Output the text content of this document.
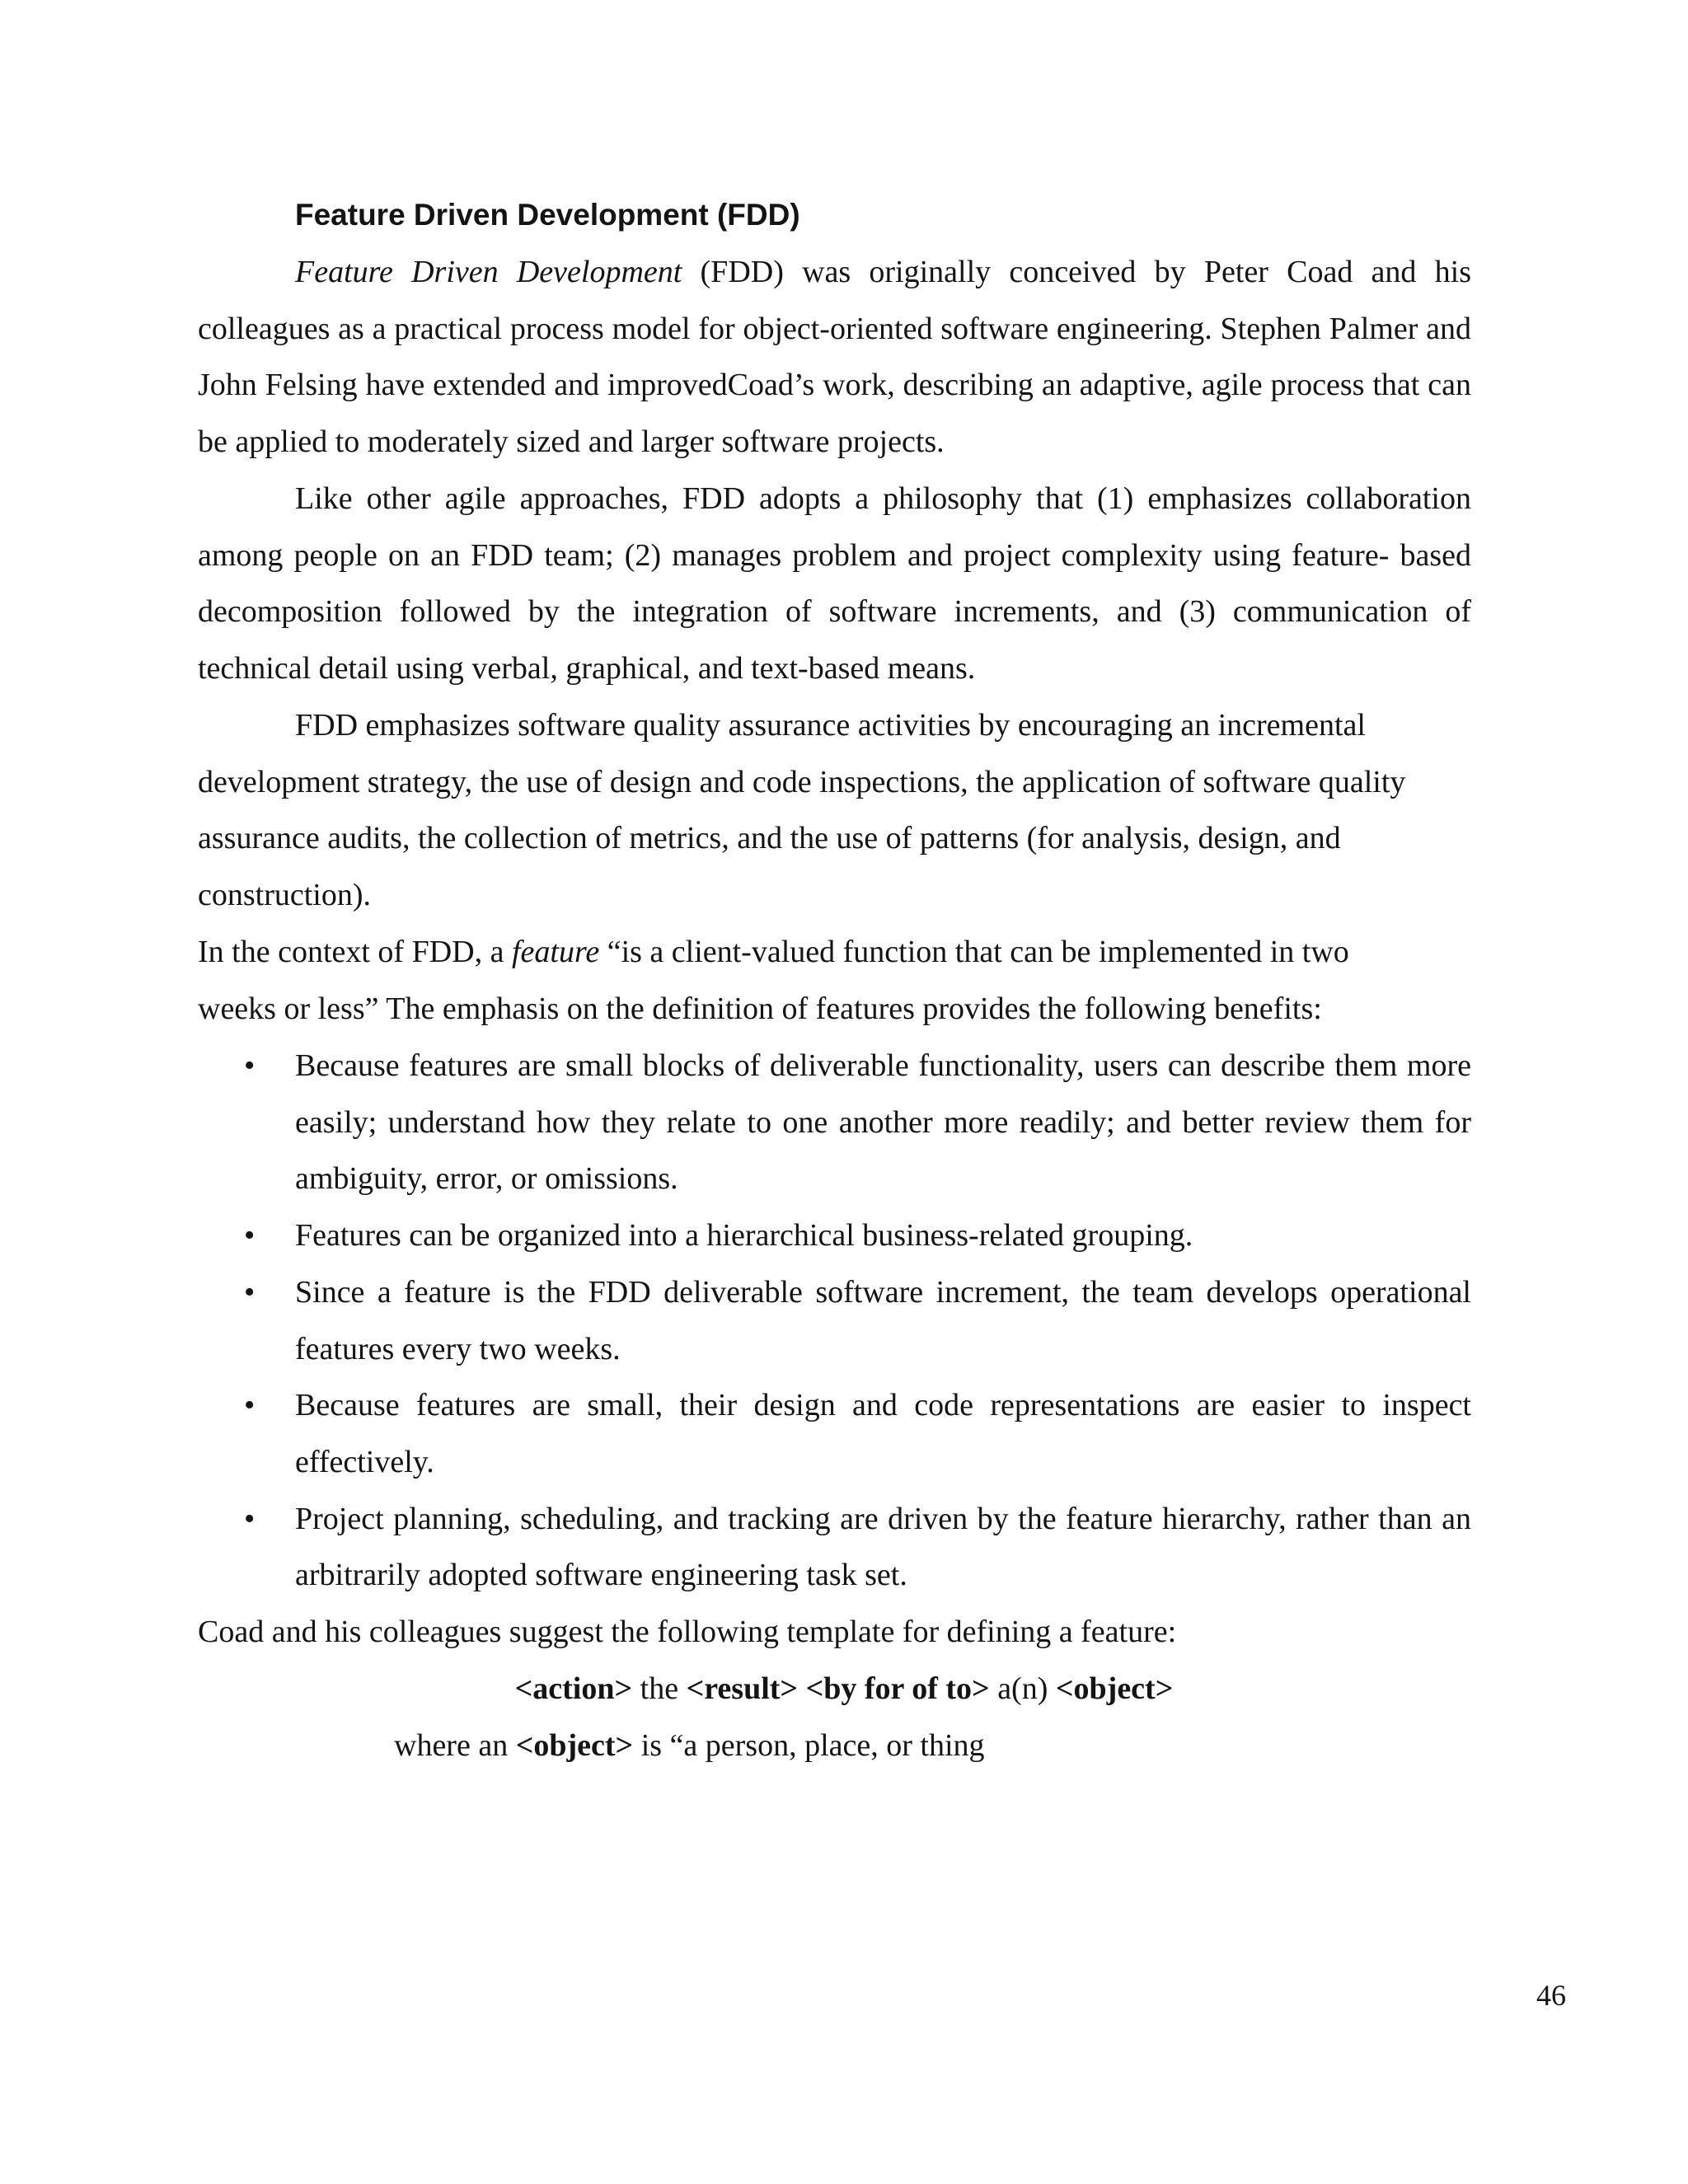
Feature Driven Development (FDD)

Feature Driven Development (FDD) was originally conceived by Peter Coad and his colleagues as a practical process model for object-oriented software engineering. Stephen Palmer and John Felsing have extended and improvedCoad’s work, describing an adaptive, agile process that can be applied to moderately sized and larger software projects.

Like other agile approaches, FDD adopts a philosophy that (1) emphasizes collaboration among people on an FDD team; (2) manages problem and project complexity using feature- based decomposition followed by the integration of software increments, and (3) communication of technical detail using verbal, graphical, and text-based means.

FDD emphasizes software quality assurance activities by encouraging an incremental
development strategy, the use of design and code inspections, the application of software quality
assurance audits, the collection of metrics, and the use of patterns (for analysis, design, and
construction).
In the context of FDD, a feature “is a client-valued function that can be implemented in two
weeks or less” The emphasis on the definition of features provides the following benefits:
• Because features are small blocks of deliverable functionality, users can describe them more easily; understand how they relate to one another more readily; and better review them for ambiguity, error, or omissions.
• Features can be organized into a hierarchical business-related grouping.
• Since a feature is the FDD deliverable software increment, the team develops operational features every two weeks.
• Because features are small, their design and code representations are easier to inspect effectively.
• Project planning, scheduling, and tracking are driven by the feature hierarchy, rather than an arbitrarily adopted software engineering task set.
Coad and his colleagues suggest the following template for defining a feature:
<action> the <result> <by for of to> a(n) <object>
where an <object> is “a person, place, or thing
46
